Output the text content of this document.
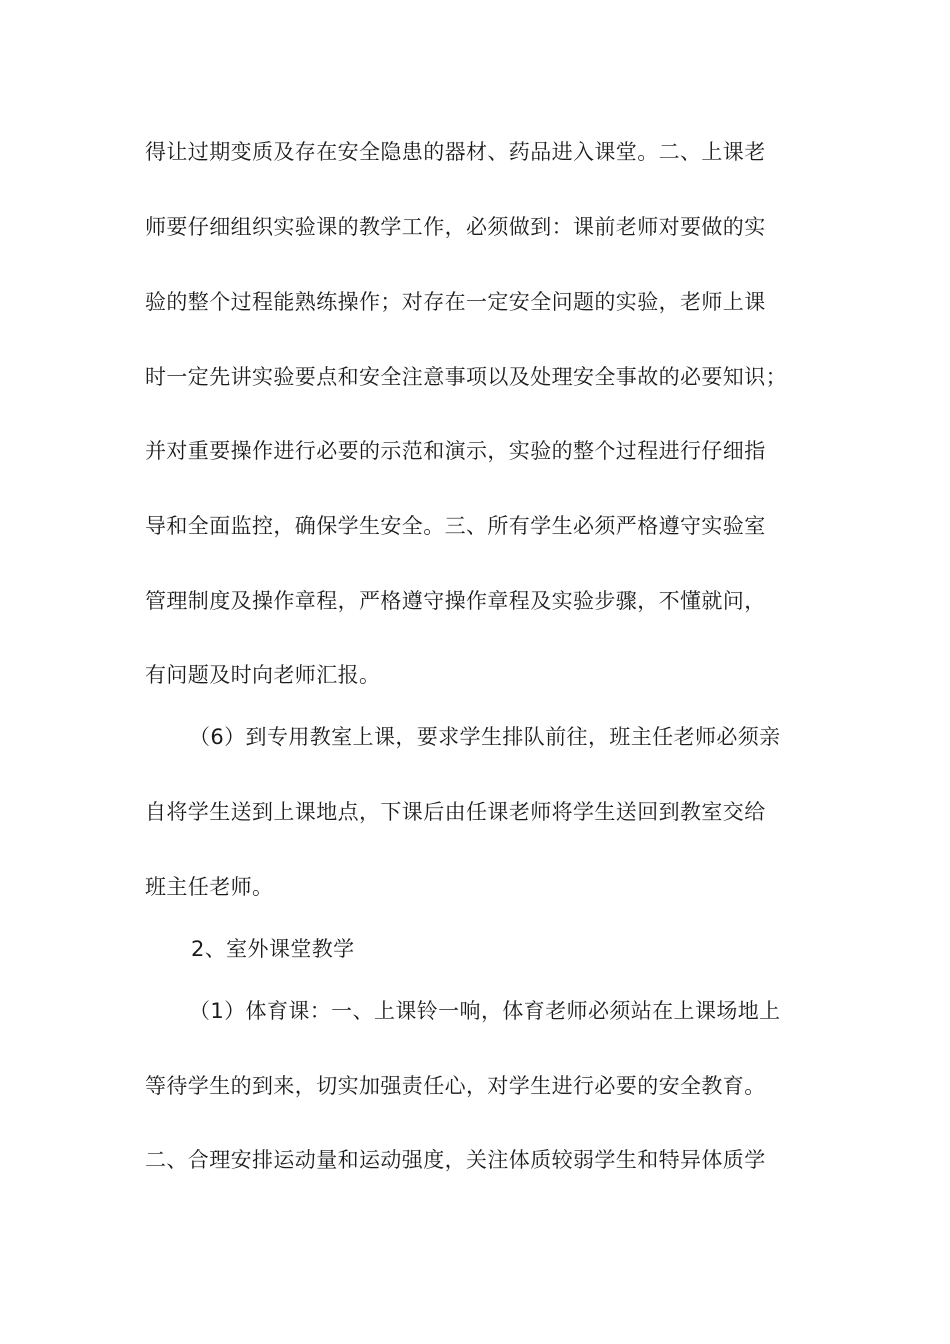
得让过期变质及存在安全隐患的器材、药品进入课堂。二、上课老
师要仔细组织实验课的教学工作，必须做到：课前老师对要做的实
验的整个过程能熟练操作；对存在一定安全问题的实验，老师上课
时一定先讲实验要点和安全注意事项以及处理安全事故的必要知识；
并对重要操作进行必要的示范和演示，实验的整个过程进行仔细指
导和全面监控，确保学生安全。三、所有学生必须严格遵守实验室
管理制度及操作章程，严格遵守操作章程及实验步骤，不懂就问，
有问题及时向老师汇报。
（6）到专用教室上课，要求学生排队前往，班主任老师必须亲
自将学生送到上课地点，下课后由任课老师将学生送回到教室交给
班主任老师。
2、室外课堂教学
（1）体育课：一、上课铃一响，体育老师必须站在上课场地上
等待学生的到来，切实加强责任心，对学生进行必要的安全教育。
二、合理安排运动量和运动强度，关注体质较弱学生和特异体质学
